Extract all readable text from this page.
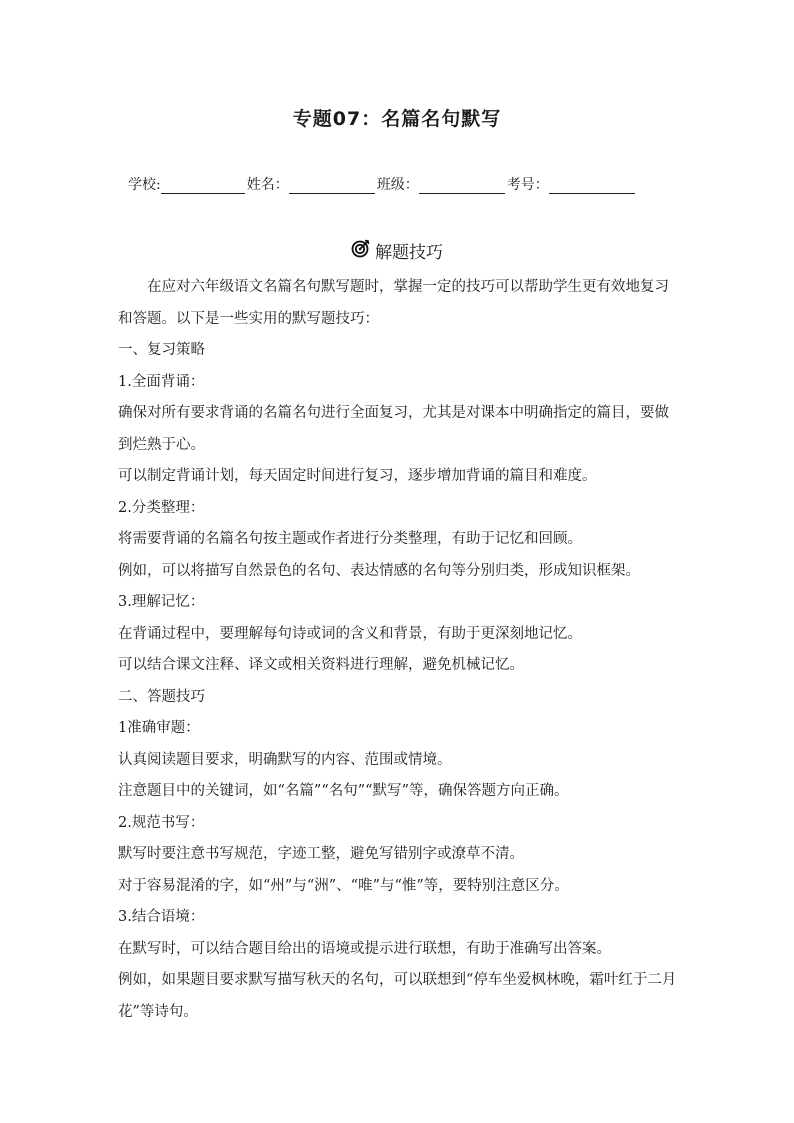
专题07：名篇名句默写
学校:	姓名：	班级：	考号：
解题技巧

在应对六年级语文名篇名句默写题时，掌握一定的技巧可以帮助学生更有效地复习和答题。以下是一些实用的默写题技巧：

一、复习策略

1.全面背诵：

确保对所有要求背诵的名篇名句进行全面复习，尤其是对课本中明确指定的篇目，要做到烂熟于心。

可以制定背诵计划，每天固定时间进行复习，逐步增加背诵的篇目和难度。

2.分类整理：

将需要背诵的名篇名句按主题或作者进行分类整理，有助于记忆和回顾。

例如，可以将描写自然景色的名句、表达情感的名句等分别归类，形成知识框架。

3.理解记忆：

在背诵过程中，要理解每句诗或词的含义和背景，有助于更深刻地记忆。

可以结合课文注释、译文或相关资料进行理解，避免机械记忆。

二、答题技巧

1准确审题：

认真阅读题目要求，明确默写的内容、范围或情境。

注意题目中的关键词，如“名篇”“名句”“默写”等，确保答题方向正确。

2.规范书写：

默写时要注意书写规范，字迹工整，避免写错别字或潦草不清。

对于容易混淆的字，如“州”与“洲”、“唯”与“惟”等，要特别注意区分。

3.结合语境：

在默写时，可以结合题目给出的语境或提示进行联想，有助于准确写出答案。

例如，如果题目要求默写描写秋天的名句，可以联想到“停车坐爱枫林晚，霜叶红于二月花”等诗句。
